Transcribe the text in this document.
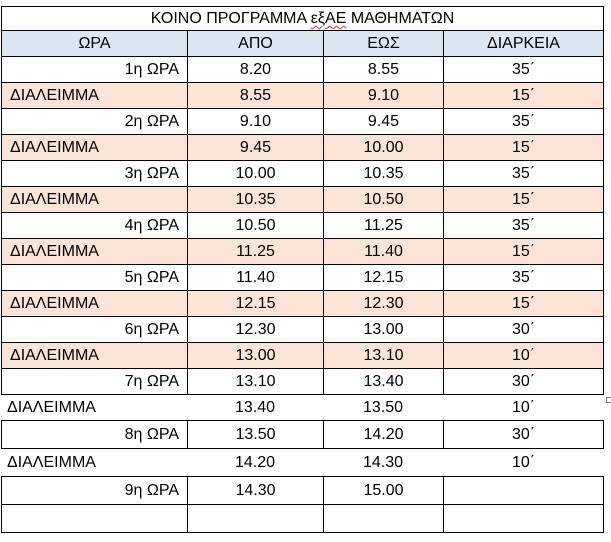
ΚΟΙΝΟ ΠΡΟΓΡΑΜΜΑ εξΑΕ ΜΑΘΗΜΑΤΩΝ
ΩΡΑ	ΑΠΟ	ΕΩΣ	ΔΙΑΡΚΕΙΑ
1η ΩΡΑ	8.20	8.55	35΄
ΔΙΑΛΕΙΜΜΑ	8.55	9.10	15΄
2η ΩΡΑ	9.10	9.45	35΄
ΔΙΑΛΕΙΜΜΑ	9.45	10.00	15΄
3η ΩΡΑ	10.00	10.35	35΄
ΔΙΑΛΕΙΜΜΑ	10.35	10.50	15΄
4η ΩΡΑ	10.50	11.25	35΄
ΔΙΑΛΕΙΜΜΑ	11.25	11.40	15΄
5η ΩΡΑ	11.40	12.15	35΄
ΔΙΑΛΕΙΜΜΑ	12.15	12.30	15΄
6η ΩΡΑ	12.30	13.00	30΄
ΔΙΑΛΕΙΜΜΑ	13.00	13.10	10΄
7η ΩΡΑ	13.10	13.40	30΄
ΔΙΑΛΕΙΜΜΑ	13.40	13.50	10΄
8η ΩΡΑ	13.50	14.20	30΄
ΔΙΑΛΕΙΜΜΑ	14.20	14.30	10΄
9η ΩΡΑ	14.30	15.00
